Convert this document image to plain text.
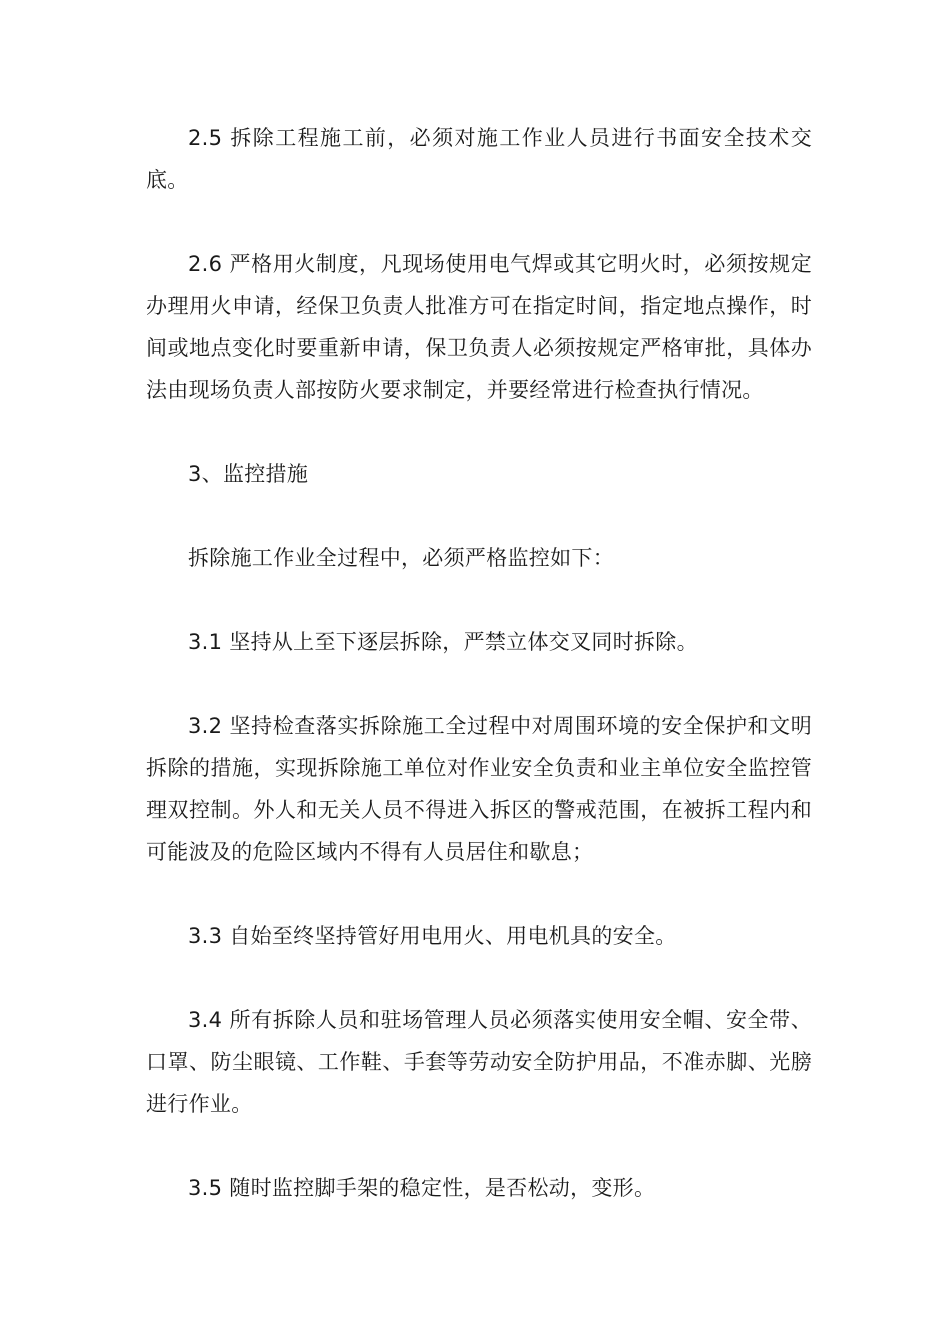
2.5 拆除工程施工前，必须对施工作业人员进行书面安全技术交底。

2.6 严格用火制度，凡现场使用电气焊或其它明火时，必须按规定办理用火申请，经保卫负责人批准方可在指定时间，指定地点操作，时间或地点变化时要重新申请，保卫负责人必须按规定严格审批，具体办法由现场负责人部按防火要求制定，并要经常进行检查执行情况。

3、监控措施

拆除施工作业全过程中，必须严格监控如下：

3.1 坚持从上至下逐层拆除，严禁立体交叉同时拆除。

3.2 坚持检查落实拆除施工全过程中对周围环境的安全保护和文明拆除的措施，实现拆除施工单位对作业安全负责和业主单位安全监控管理双控制。外人和无关人员不得进入拆区的警戒范围，在被拆工程内和可能波及的危险区域内不得有人员居住和歇息；

3.3 自始至终坚持管好用电用火、用电机具的安全。

3.4 所有拆除人员和驻场管理人员必须落实使用安全帽、安全带、口罩、防尘眼镜、工作鞋、手套等劳动安全防护用品，不准赤脚、光膀进行作业。

3.5 随时监控脚手架的稳定性，是否松动，变形。
